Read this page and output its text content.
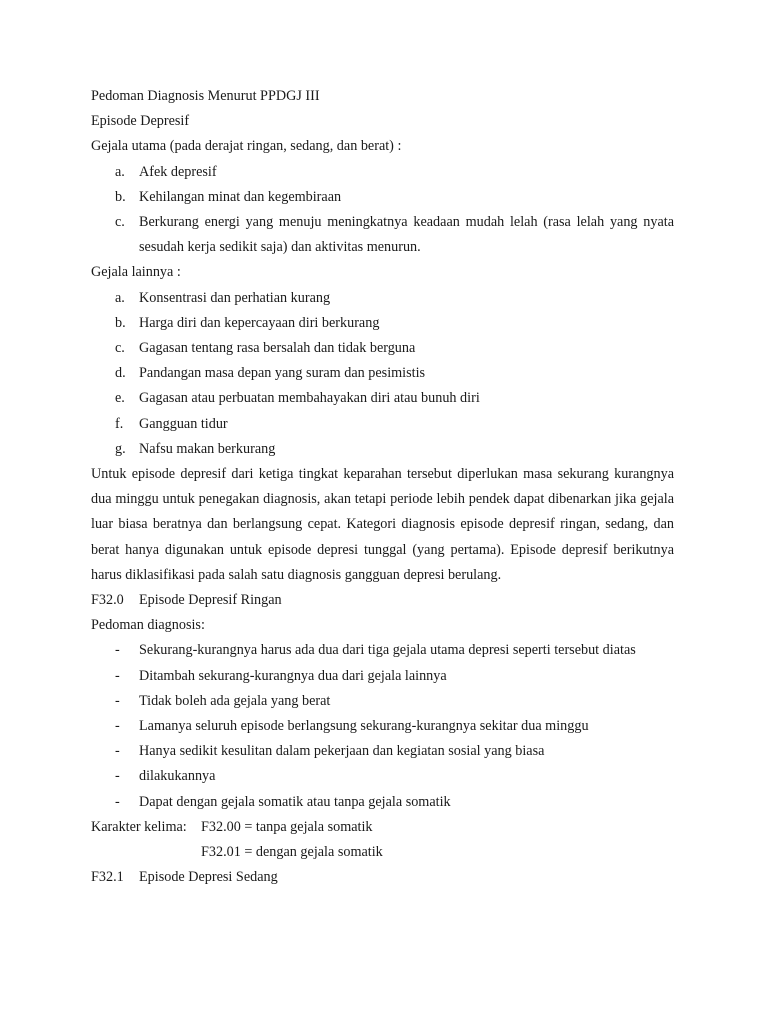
Pedoman Diagnosis Menurut PPDGJ III
Episode Depresif
Gejala utama (pada derajat ringan, sedang, dan berat) :
a. Afek depresif
b. Kehilangan minat dan kegembiraan
c. Berkurang energi yang menuju meningkatnya keadaan mudah lelah (rasa lelah yang nyata sesudah kerja sedikit saja) dan aktivitas menurun.
Gejala lainnya :
a. Konsentrasi dan perhatian kurang
b. Harga diri dan kepercayaan diri berkurang
c. Gagasan tentang rasa bersalah dan tidak berguna
d. Pandangan masa depan yang suram dan pesimistis
e. Gagasan atau perbuatan membahayakan diri atau bunuh diri
f. Gangguan tidur
g. Nafsu makan berkurang
Untuk episode depresif dari ketiga tingkat keparahan tersebut diperlukan masa sekurang kurangnya dua minggu untuk penegakan diagnosis, akan tetapi periode lebih pendek dapat dibenarkan jika gejala luar biasa beratnya dan berlangsung cepat. Kategori diagnosis episode depresif ringan, sedang, dan berat hanya digunakan untuk episode depresi tunggal (yang pertama). Episode depresif berikutnya harus diklasifikasi pada salah satu diagnosis gangguan depresi berulang.
F32.0 Episode Depresif Ringan
Pedoman diagnosis:
- Sekurang-kurangnya harus ada dua dari tiga gejala utama depresi seperti tersebut diatas
- Ditambah sekurang-kurangnya dua dari gejala lainnya
- Tidak boleh ada gejala yang berat
- Lamanya seluruh episode berlangsung sekurang-kurangnya sekitar dua minggu
- Hanya sedikit kesulitan dalam pekerjaan dan kegiatan sosial yang biasa
- dilakukannya
- Dapat dengan gejala somatik atau tanpa gejala somatik
Karakter kelima: F32.00 = tanpa gejala somatik
F32.01 = dengan gejala somatik
F32.1 Episode Depresi Sedang
